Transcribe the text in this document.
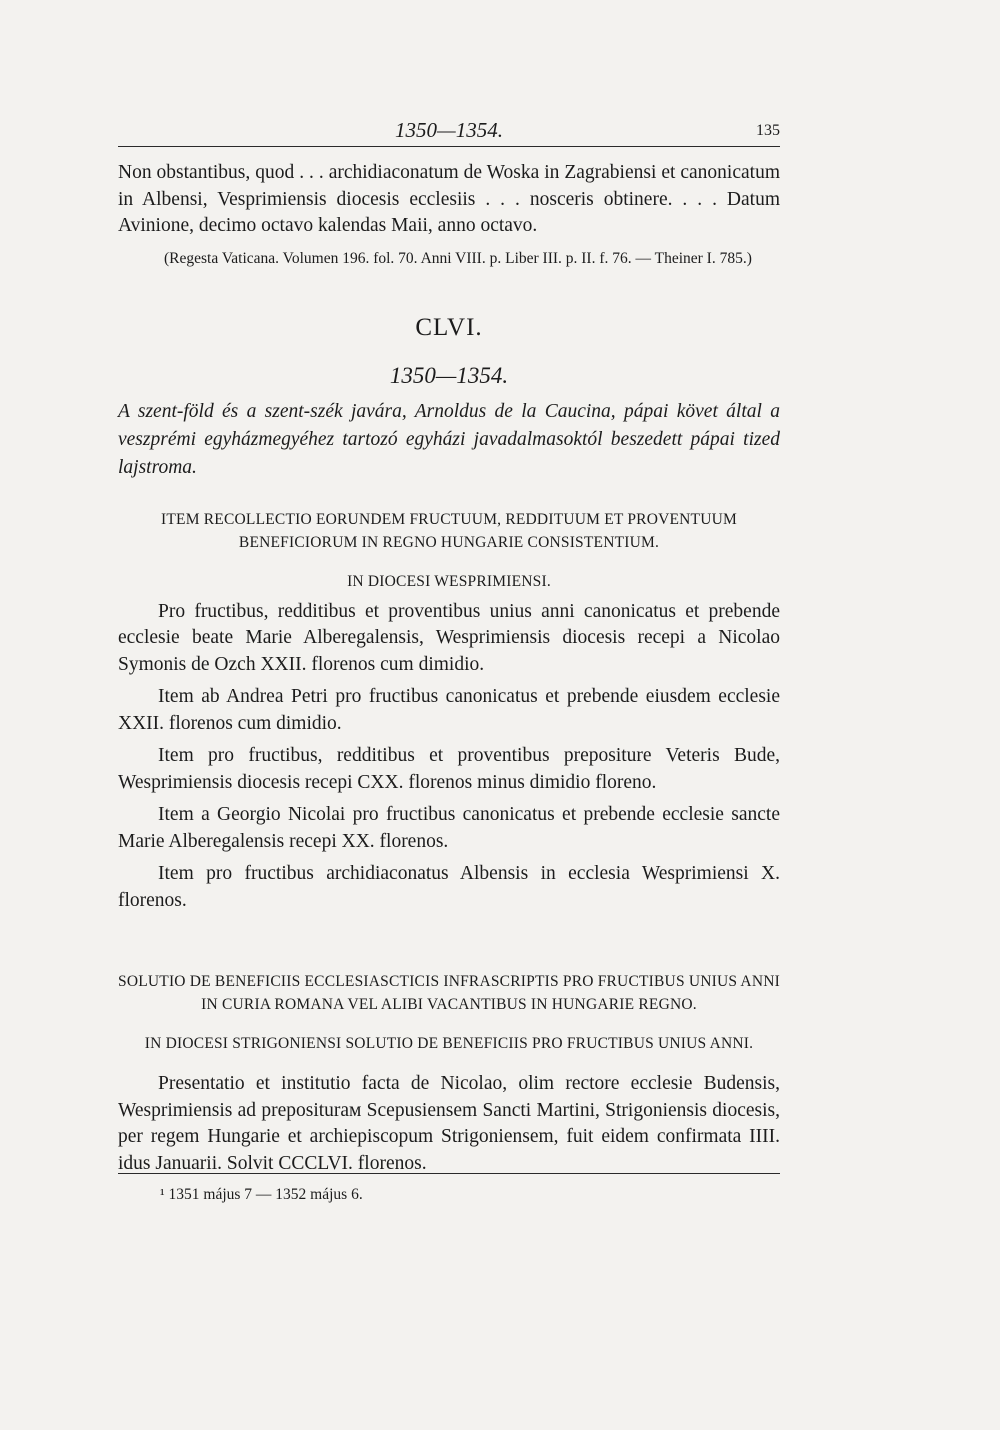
1350—1354.	135

Non obstantibus, quod . . . archidiaconatum de Woska in Zagrabiensi et canonicatum in Albensi, Vesprimiensis diocesis ecclesiis . . . nosceris obtinere. . . . Datum Avinione, decimo octavo kalendas Maii, anno octavo.

(Regesta Vaticana. Volumen 196. fol. 70. Anni VIII. p. Liber III. p. II. f. 76. — Theiner I. 785.)

CLVI.
1350—1354.

A szent-föld és a szent-szék javára, Arnoldus de la Caucina, pápai követ által a veszprémi egyházmegyéhez tartozó egyházi javadalmasoktól beszedett pápai tized lajstroma.

ITEM RECOLLECTIO EORUNDEM FRUCTUUM, REDDITUUM ET PROVENTUUM BENEFICIORUM IN REGNO HUNGARIE CONSISTENTIUM.

IN DIOCESI WESPRIMIENSI.

Pro fructibus, redditibus et proventibus unius anni canonicatus et prebende ecclesie beate Marie Alberegalensis, Wesprimiensis diocesis recepi a Nicolao Symonis de Ozch XXII. florenos cum dimidio.

Item ab Andrea Petri pro fructibus canonicatus et prebende eiusdem ecclesie XXII. florenos cum dimidio.

Item pro fructibus, redditibus et proventibus prepositure Veteris Bude, Wesprimiensis diocesis recepi CXX. florenos minus dimidio floreno.

Item a Georgio Nicolai pro fructibus canonicatus et prebende ecclesie sancte Marie Alberegalensis recepi XX. florenos.

Item pro fructibus archidiaconatus Albensis in ecclesia Wesprimiensi X. florenos.

SOLUTIO DE BENEFICIIS ECCLESIASCTICIS INFRASCRIPTIS PRO FRUCTIBUS UNIUS ANNI IN CURIA ROMANA VEL ALIBI VACANTIBUS IN HUNGARIE REGNO.

IN DIOCESI STRIGONIENSI SOLUTIO DE BENEFICIIS PRO FRUCTIBUS UNIUS ANNI.

Presentatio et institutio facta de Nicolao, olim rectore ecclesie Budensis, Wesprimiensis ad prepositurам Scepusiensem Sancti Martini, Strigoniensis diocesis, per regem Hungarie et archiepiscopum Strigoniensem, fuit eidem confirmata IIII. idus Januarii. Solvit CCCLVI. florenos.

¹ 1351 május 7 — 1352 május 6.
